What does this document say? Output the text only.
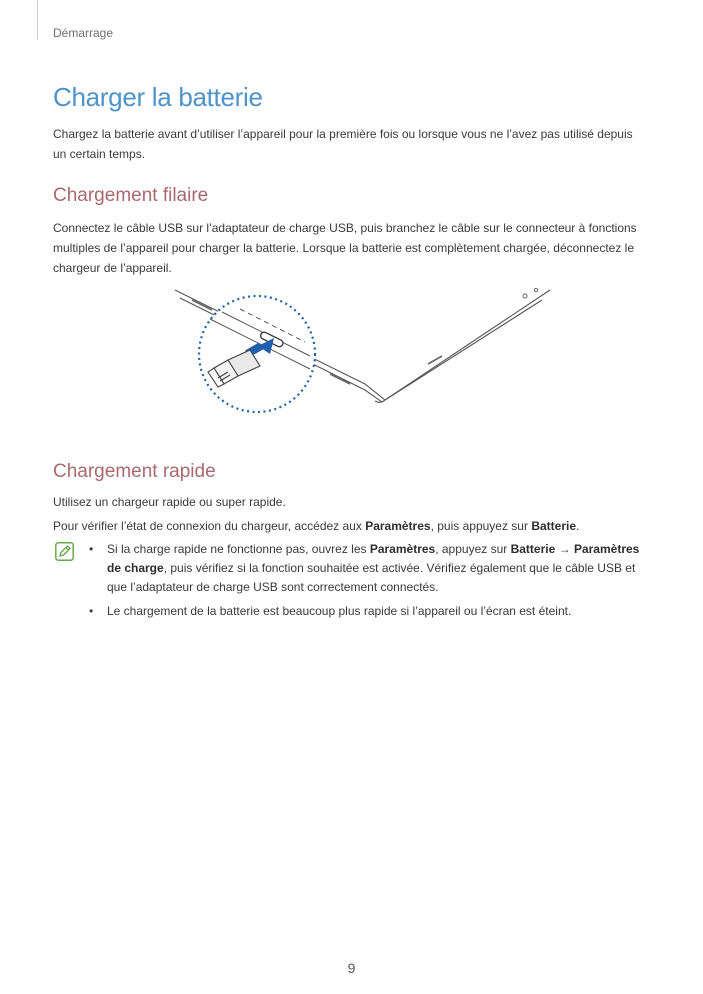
Démarrage
Charger la batterie

Chargez la batterie avant d’utiliser l’appareil pour la première fois ou lorsque vous ne l’avez pas utilisé depuis un certain temps.

Chargement filaire

Connectez le câble USB sur l’adaptateur de charge USB, puis branchez le câble sur le connecteur à fonctions multiples de l’appareil pour charger la batterie. Lorsque la batterie est complètement chargée, déconnectez le chargeur de l’appareil.

Chargement rapide

Utilisez un chargeur rapide ou super rapide.

Pour vérifier l’état de connexion du chargeur, accédez aux Paramètres, puis appuyez sur Batterie.

• Si la charge rapide ne fonctionne pas, ouvrez les Paramètres, appuyez sur Batterie → Paramètres de charge, puis vérifiez si la fonction souhaitée est activée. Vérifiez également que le câble USB et que l’adaptateur de charge USB sont correctement connectés.
• Le chargement de la batterie est beaucoup plus rapide si l’appareil ou l’écran est éteint.
9
